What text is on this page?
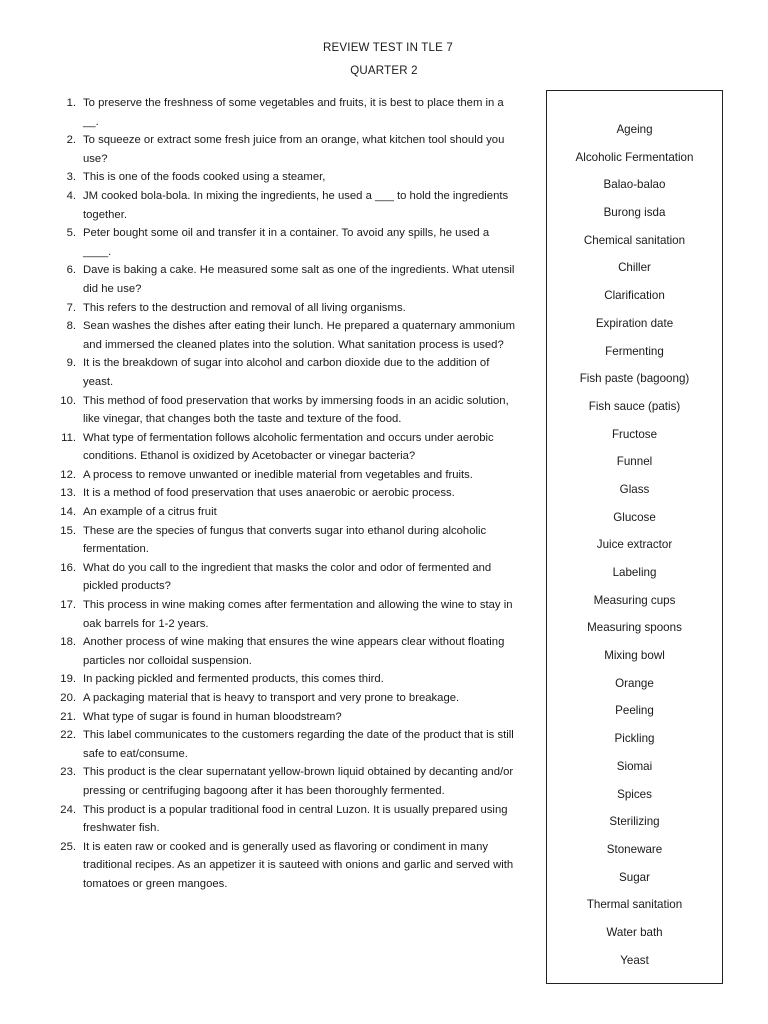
REVIEW TEST IN TLE 7
QUARTER 2
1. To preserve the freshness of some vegetables and fruits, it is best to place them in a __.
2. To squeeze or extract some fresh juice from an orange, what kitchen tool should you use?
3. This is one of the foods cooked using a steamer,
4. JM cooked bola-bola. In mixing the ingredients, he used a ___ to hold the ingredients together.
5. Peter bought some oil and transfer it in a container. To avoid any spills, he used a ____.
6. Dave is baking a cake. He measured some salt as one of the ingredients. What utensil did he use?
7. This refers to the destruction and removal of all living organisms.
8. Sean washes the dishes after eating their lunch. He prepared a quaternary ammonium and immersed the cleaned plates into the solution. What sanitation process is used?
9. It is the breakdown of sugar into alcohol and carbon dioxide due to the addition of yeast.
10. This method of food preservation that works by immersing foods in an acidic solution, like vinegar, that changes both the taste and texture of the food.
11. What type of fermentation follows alcoholic fermentation and occurs under aerobic conditions. Ethanol is oxidized by Acetobacter or vinegar bacteria?
12. A process to remove unwanted or inedible material from vegetables and fruits.
13. It is a method of food preservation that uses anaerobic or aerobic process.
14. An example of a citrus fruit
15. These are the species of fungus that converts sugar into ethanol during alcoholic fermentation.
16. What do you call to the ingredient that masks the color and odor of fermented and pickled products?
17. This process in wine making comes after fermentation and allowing the wine to stay in oak barrels for 1-2 years.
18. Another process of wine making that ensures the wine appears clear without floating particles nor colloidal suspension.
19. In packing pickled and fermented products, this comes third.
20. A packaging material that is heavy to transport and very prone to breakage.
21. What type of sugar is found in human bloodstream?
22. This label communicates to the customers regarding the date of the product that is still safe to eat/consume.
23. This product is the clear supernatant yellow-brown liquid obtained by decanting and/or pressing or centrifuging bagoong after it has been thoroughly fermented.
24. This product is a popular traditional food in central Luzon. It is usually prepared using freshwater fish.
25. It is eaten raw or cooked and is generally used as flavoring or condiment in many traditional recipes. As an appetizer it is sauteed with onions and garlic and served with tomatoes or green mangoes.
Ageing
Alcoholic Fermentation
Balao-balao
Burong isda
Chemical sanitation
Chiller
Clarification
Expiration date
Fermenting
Fish paste (bagoong)
Fish sauce (patis)
Fructose
Funnel
Glass
Glucose
Juice extractor
Labeling
Measuring cups
Measuring spoons
Mixing bowl
Orange
Peeling
Pickling
Siomai
Spices
Sterilizing
Stoneware
Sugar
Thermal sanitation
Water bath
Yeast
